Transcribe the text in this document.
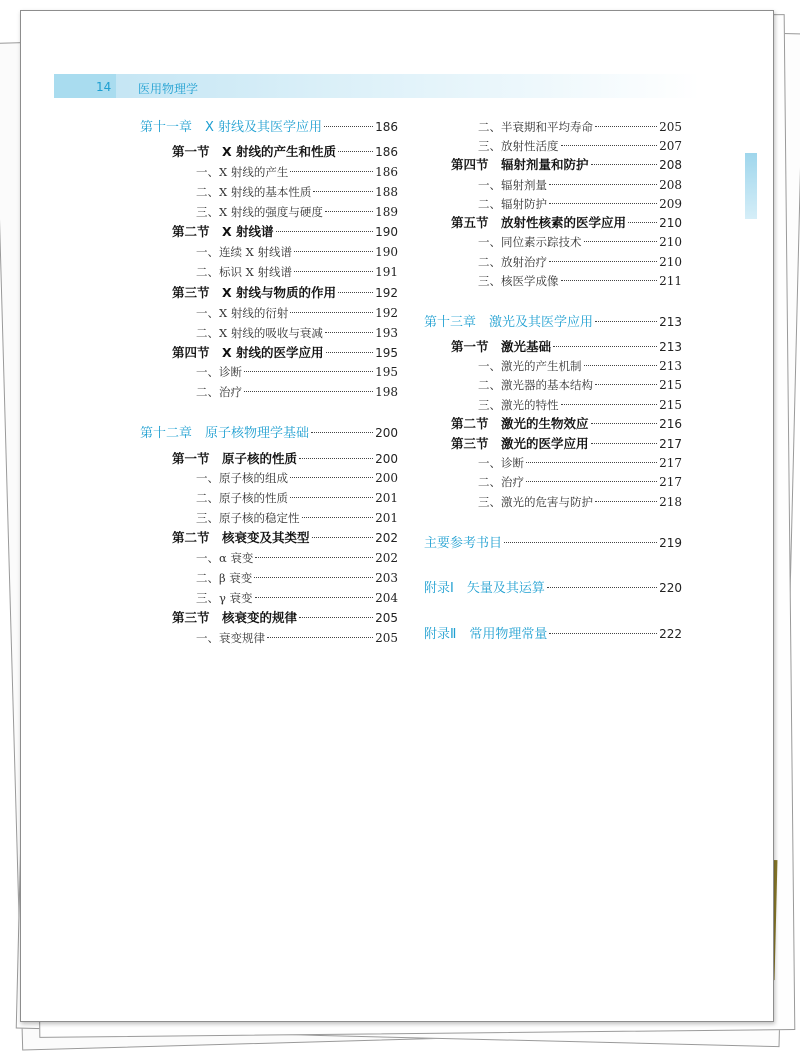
14 医用物理学
第十一章　X 射线及其医学应用	186
第一节　X 射线的产生和性质	186
一、X 射线的产生	186
二、X 射线的基本性质	188
三、X 射线的强度与硬度	189
第二节　X 射线谱	190
一、连续 X 射线谱	190
二、标识 X 射线谱	191
第三节　X 射线与物质的作用	192
一、X 射线的衍射	192
二、X 射线的吸收与衰减	193
第四节　X 射线的医学应用	195
一、诊断	195
二、治疗	198
第十二章　原子核物理学基础	200
第一节　原子核的性质	200
一、原子核的组成	200
二、原子核的性质	201
三、原子核的稳定性	201
第二节　核衰变及其类型	202
一、α 衰变	202
二、β 衰变	203
三、γ 衰变	204
第三节　核衰变的规律	205
一、衰变规律	205
二、半衰期和平均寿命	205
三、放射性活度	207
第四节　辐射剂量和防护	208
一、辐射剂量	208
二、辐射防护	209
第五节　放射性核素的医学应用	210
一、同位素示踪技术	210
二、放射治疗	210
三、核医学成像	211
第十三章　激光及其医学应用	213
第一节　激光基础	213
一、激光的产生机制	213
二、激光器的基本结构	215
三、激光的特性	215
第二节　激光的生物效应	216
第三节　激光的医学应用	217
一、诊断	217
二、治疗	217
三、激光的危害与防护	218
主要参考书目	219
附录Ⅰ　矢量及其运算	220
附录Ⅱ　常用物理常量	222
